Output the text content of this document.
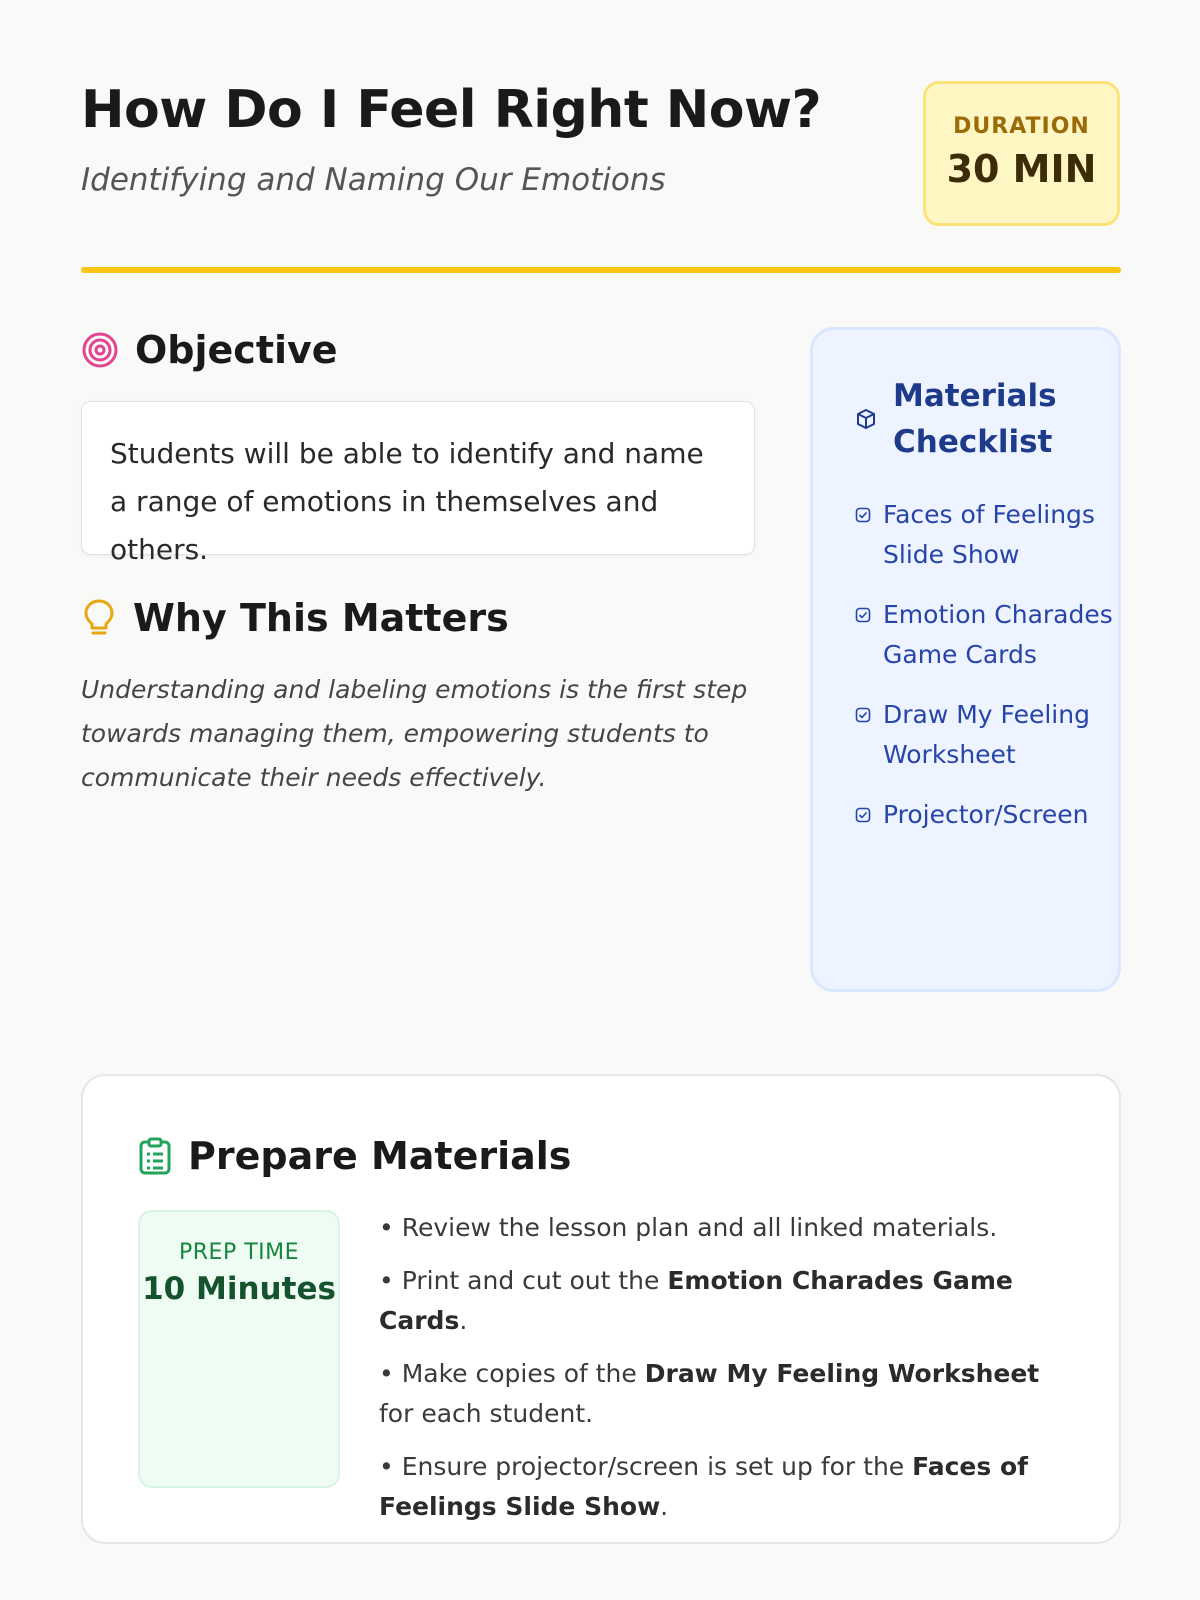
How Do I Feel Right Now?

Identifying and Naming Our Emotions

DURATION
30 MIN
Objective
Students will be able to identify and name a range of emotions in themselves and others.
Why This Matters

Understanding and labeling emotions is the first step towards managing them, empowering students to communicate their needs effectively.

Materials Checklist
Faces of Feelings Slide Show
Emotion Charades Game Cards
Draw My Feeling Worksheet
Projector/Screen
Prepare Materials
PREP TIME
10 Minutes
• Review the lesson plan and all linked materials.
• Print and cut out the Emotion Charades Game Cards.
• Make copies of the Draw My Feeling Worksheet for each student.
• Ensure projector/screen is set up for the Faces of Feelings Slide Show.
